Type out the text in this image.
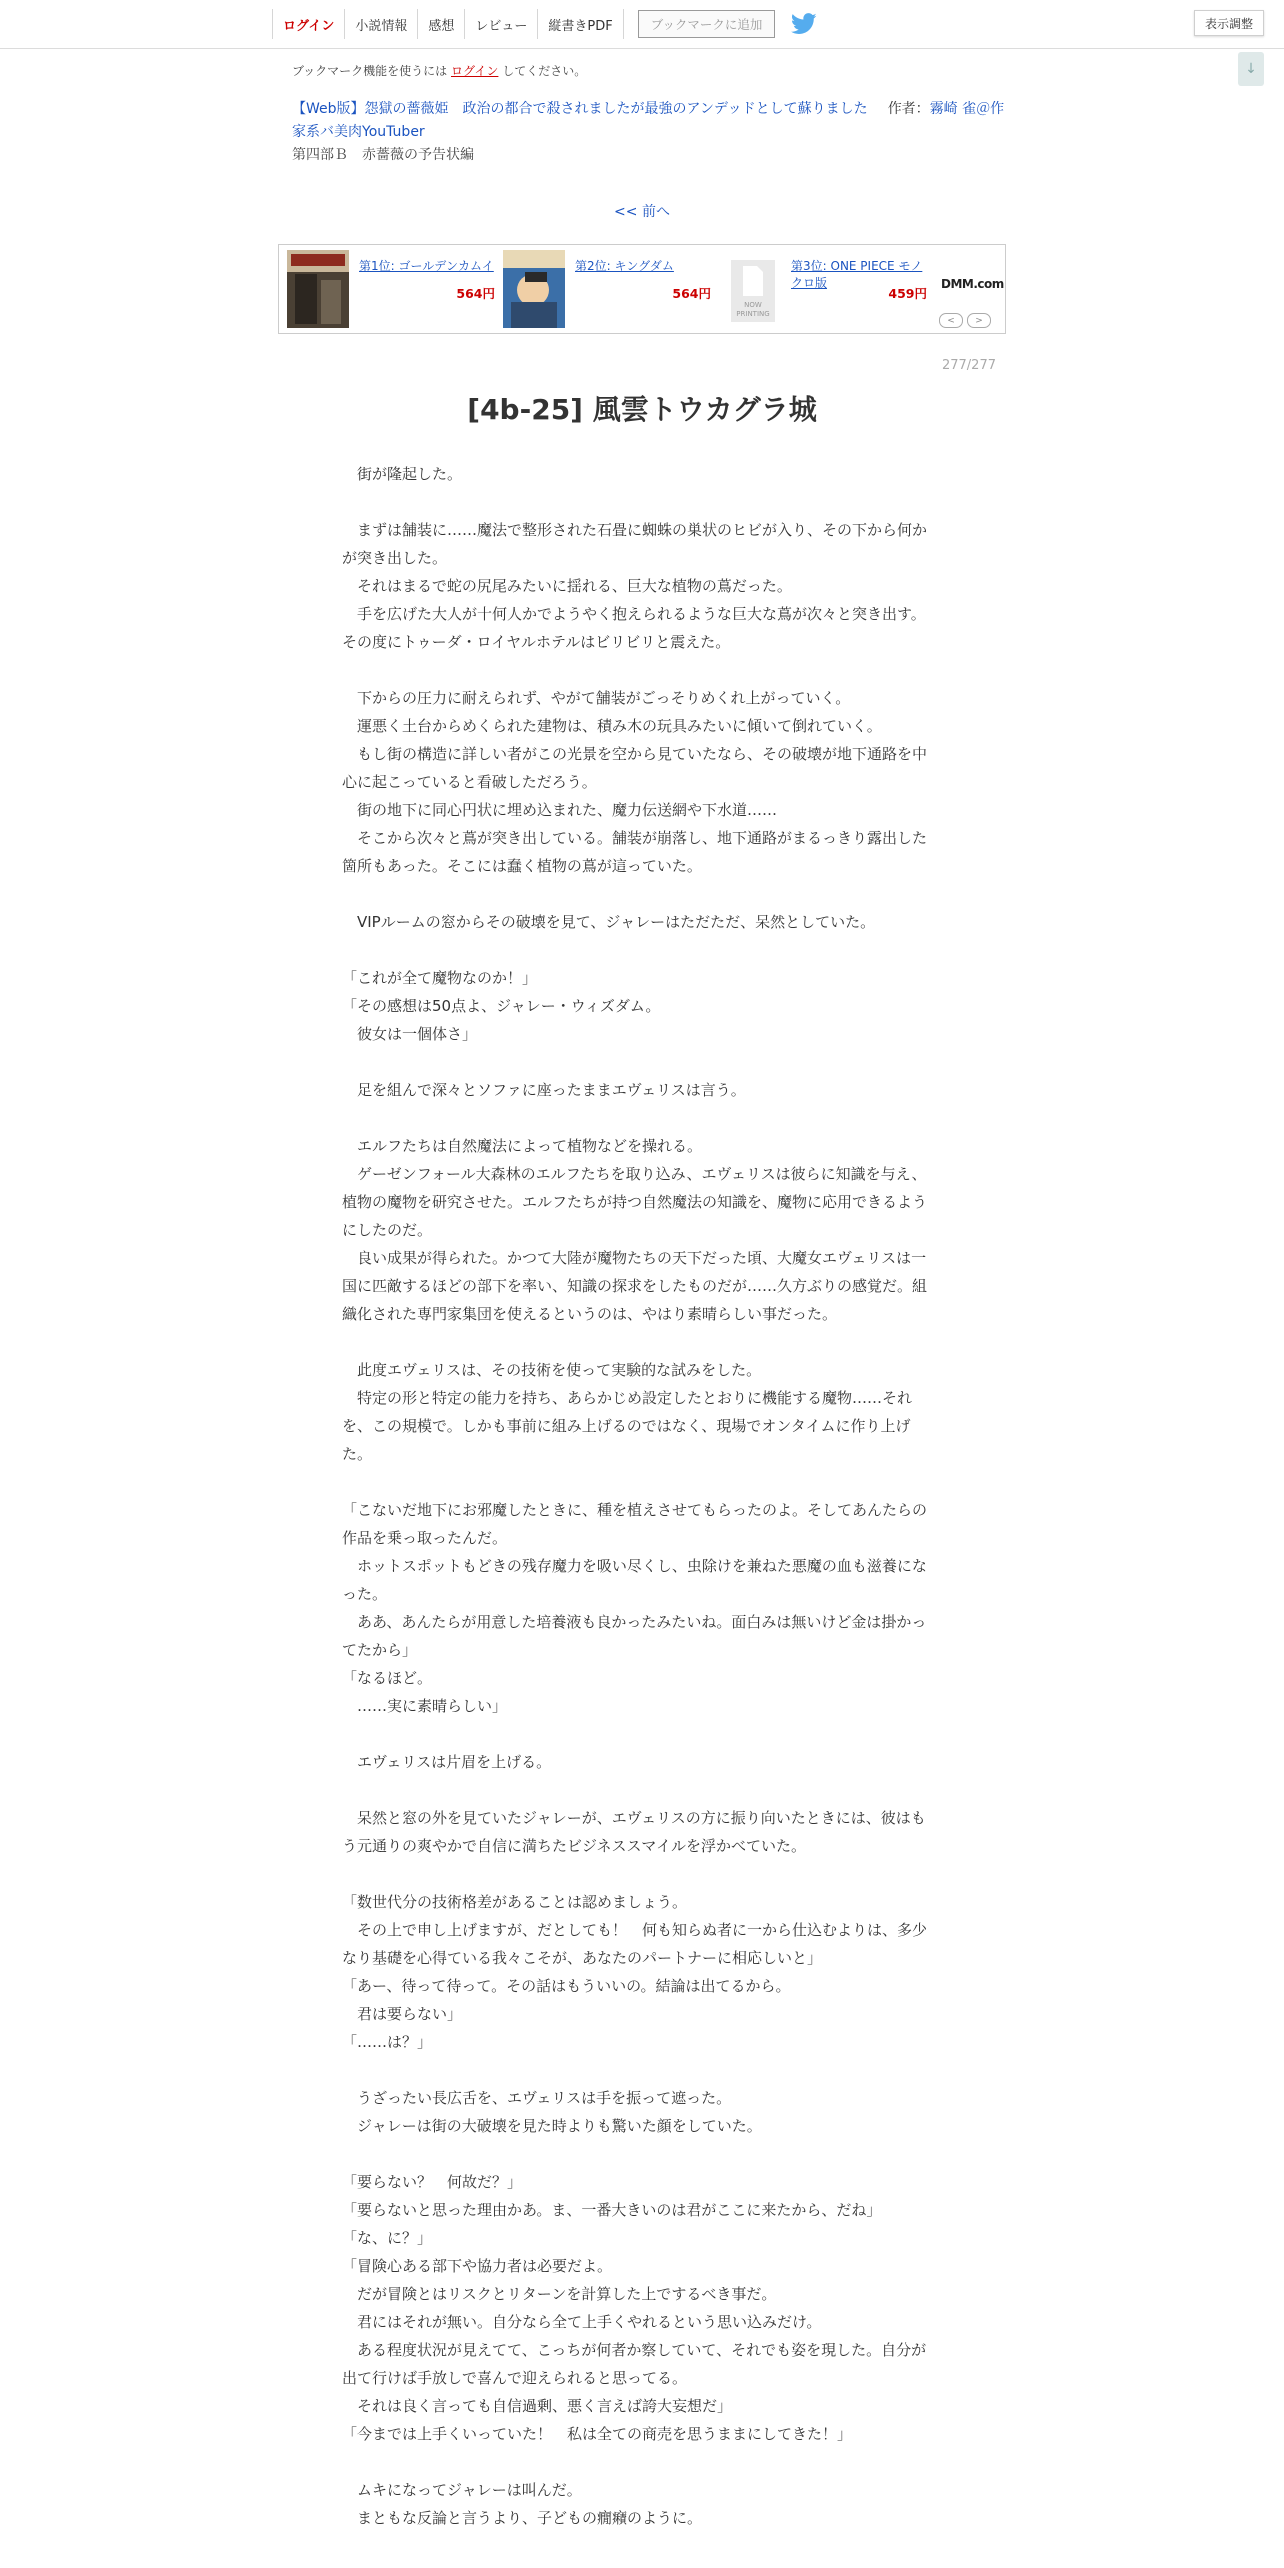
ログイン	小説情報	感想	レビュー	縦書きPDF	ブックマークに追加	表示調整
↓
ブックマーク機能を使うには ログイン してください。
【Web版】怨獄の薔薇姫　政治の都合で殺されましたが最強のアンデッドとして蘇りました 作者：霧崎 雀＠作家系バ美肉YouTuber
第四部Ｂ　赤薔薇の予告状編
<< 前へ
第1位: ゴールデンカムイ
564円
第2位: キングダム
564円
NOW PRINTING
第3位: ONE PIECE モノクロ版
459円
DMM.com
<	>
277/277
[4b-25] 風雲トウカグラ城

　街が隆起した。

　まずは舗装に……魔法で整形された石畳に蜘蛛の巣状のヒビが入り、その下から何かが突き出した。

　それはまるで蛇の尻尾みたいに揺れる、巨大な植物の蔦だった。

　手を広げた大人が十何人かでようやく抱えられるような巨大な蔦が次々と突き出す。その度にトゥーダ・ロイヤルホテルはビリビリと震えた。

　下からの圧力に耐えられず、やがて舗装がごっそりめくれ上がっていく。

　運悪く土台からめくられた建物は、積み木の玩具みたいに傾いて倒れていく。

　もし街の構造に詳しい者がこの光景を空から見ていたなら、その破壊が地下通路を中心に起こっていると看破しただろう。

　街の地下に同心円状に埋め込まれた、魔力伝送網や下水道……

　そこから次々と蔦が突き出している。舗装が崩落し、地下通路がまるっきり露出した箇所もあった。そこには蠢く植物の蔦が這っていた。

　VIPルームの窓からその破壊を見て、ジャレーはただただ、呆然としていた。

「これが全て魔物なのか！」

「その感想は50点よ、ジャレー・ウィズダム。

　彼女は一個体さ」

　足を組んで深々とソファに座ったままエヴェリスは言う。

　エルフたちは自然魔法によって植物などを操れる。

　ゲーゼンフォール大森林のエルフたちを取り込み、エヴェリスは彼らに知識を与え、植物の魔物を研究させた。エルフたちが持つ自然魔法の知識を、魔物に応用できるようにしたのだ。

　良い成果が得られた。かつて大陸が魔物たちの天下だった頃、大魔女エヴェリスは一国に匹敵するほどの部下を率い、知識の探求をしたものだが……久方ぶりの感覚だ。組織化された専門家集団を使えるというのは、やはり素晴らしい事だった。

　此度エヴェリスは、その技術を使って実験的な試みをした。

　特定の形と特定の能力を持ち、あらかじめ設定したとおりに機能する魔物……それを、この規模で。しかも事前に組み上げるのではなく、現場でオンタイムに作り上げた。

「こないだ地下にお邪魔したときに、種を植えさせてもらったのよ。そしてあんたらの作品を乗っ取ったんだ。

　ホットスポットもどきの残存魔力を吸い尽くし、虫除けを兼ねた悪魔の血も滋養になった。

　ああ、あんたらが用意した培養液も良かったみたいね。面白みは無いけど金は掛かってたから」

「なるほど。

　……実に素晴らしい」

　エヴェリスは片眉を上げる。

　呆然と窓の外を見ていたジャレーが、エヴェリスの方に振り向いたときには、彼はもう元通りの爽やかで自信に満ちたビジネススマイルを浮かべていた。

「数世代分の技術格差があることは認めましょう。

　その上で申し上げますが、だとしても！　何も知らぬ者に一から仕込むよりは、多少なり基礎を心得ている我々こそが、あなたのパートナーに相応しいと」

「あー、待って待って。その話はもういいの。結論は出てるから。

　君は要らない」

「……は？」

　うざったい長広舌を、エヴェリスは手を振って遮った。

　ジャレーは街の大破壊を見た時よりも驚いた顔をしていた。

「要らない？　何故だ？」

「要らないと思った理由かあ。ま、一番大きいのは君がここに来たから、だね」

「な、に？」

「冒険心ある部下や協力者は必要だよ。

　だが冒険とはリスクとリターンを計算した上でするべき事だ。

　君にはそれが無い。自分なら全て上手くやれるという思い込みだけ。

　ある程度状況が見えてて、こっちが何者か察していて、それでも姿を現した。自分が出て行けば手放しで喜んで迎えられると思ってる。

　それは良く言っても自信過剰、悪く言えば誇大妄想だ」

「今までは上手くいっていた！　私は全ての商売を思うままにしてきた！」

　ムキになってジャレーは叫んだ。

　まともな反論と言うより、子どもの癇癪のように。
